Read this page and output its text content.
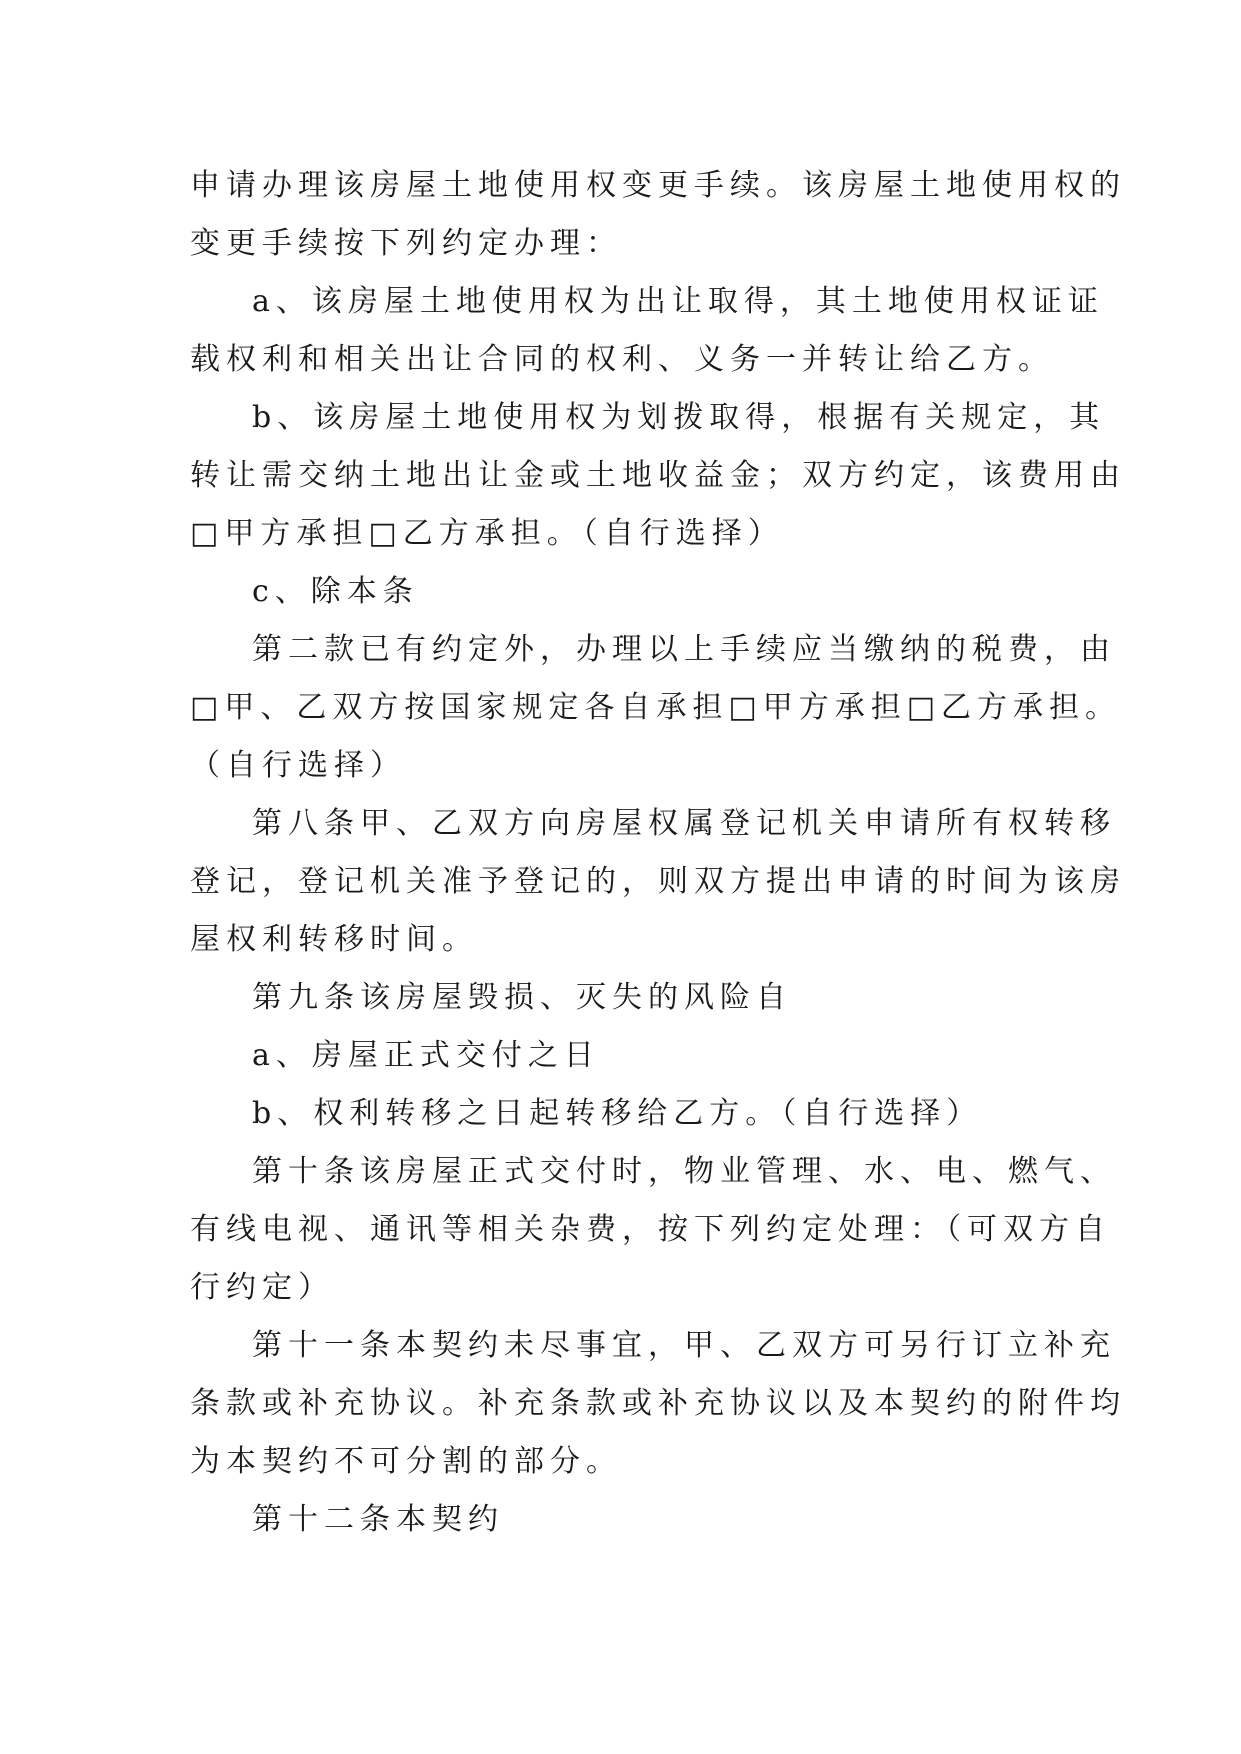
申请办理该房屋土地使用权变更手续。该房屋土地使用权的
变更手续按下列约定办理：
a、该房屋土地使用权为出让取得，其土地使用权证证
载权利和相关出让合同的权利、义务一并转让给乙方。
b、该房屋土地使用权为划拨取得，根据有关规定，其
转让需交纳土地出让金或土地收益金；双方约定，该费用由
□甲方承担□乙方承担。（自行选择）
c、除本条
第二款已有约定外，办理以上手续应当缴纳的税费，由
□甲、乙双方按国家规定各自承担□甲方承担□乙方承担。
（自行选择）
第八条甲、乙双方向房屋权属登记机关申请所有权转移
登记，登记机关准予登记的，则双方提出申请的时间为该房
屋权利转移时间。
第九条该房屋毁损、灭失的风险自
a、房屋正式交付之日
b、权利转移之日起转移给乙方。（自行选择）
第十条该房屋正式交付时，物业管理、水、电、燃气、
有线电视、通讯等相关杂费，按下列约定处理：（可双方自
行约定）
第十一条本契约未尽事宜，甲、乙双方可另行订立补充
条款或补充协议。补充条款或补充协议以及本契约的附件均
为本契约不可分割的部分。
第十二条本契约
